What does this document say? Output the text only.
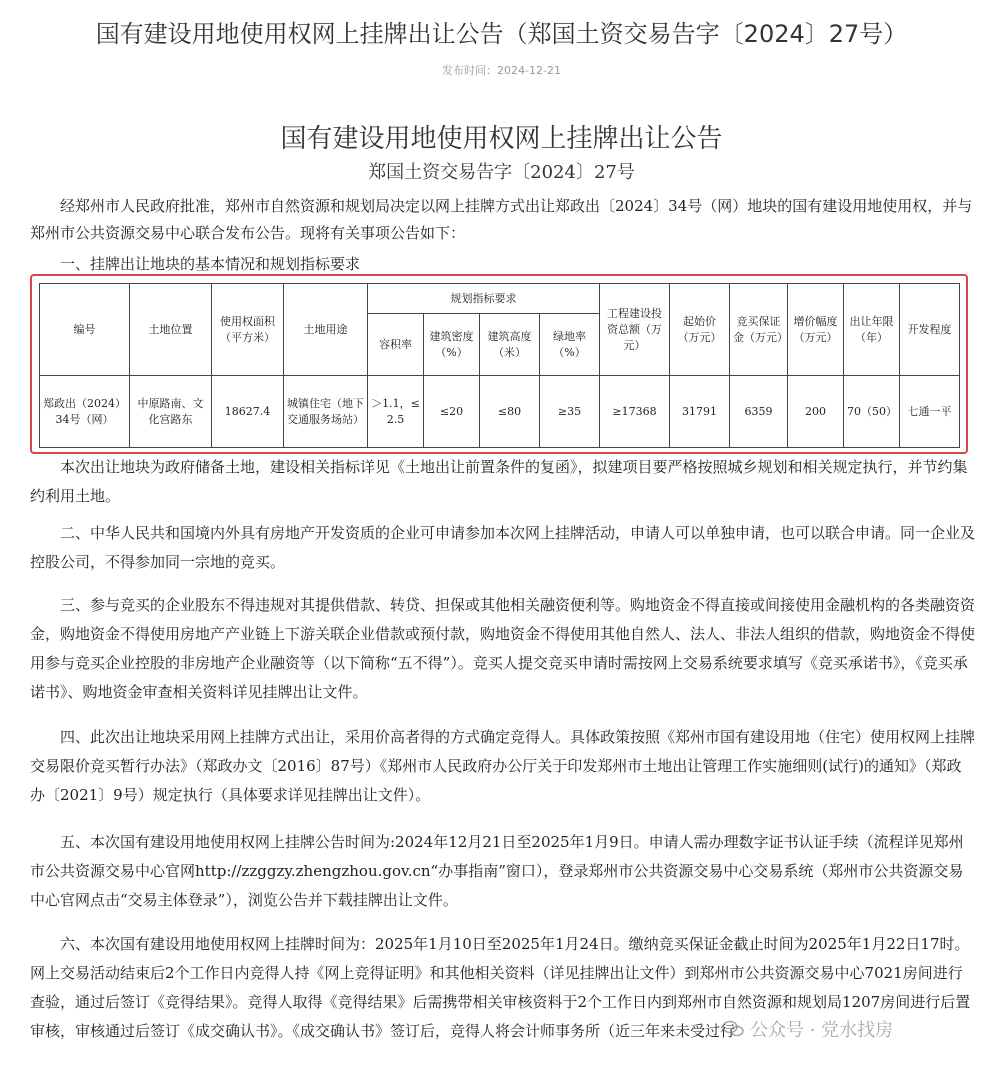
国有建设用地使用权网上挂牌出让公告（郑国土资交易告字〔2024〕27号）
发布时间：2024-12-21
国有建设用地使用权网上挂牌出让公告
郑国土资交易告字〔2024〕27号

经郑州市人民政府批准，郑州市自然资源和规划局决定以网上挂牌方式出让郑政出〔2024〕34号（网）地块的国有建设用地使用权，并与郑州市公共资源交易中心联合发布公告。现将有关事项公告如下：

一、挂牌出让地块的基本情况和规划指标要求
编号	土地位置	使用权面积（平方米）	土地用途	规划指标要求				工程建设投资总额（万元）	起始价（万元）	竞买保证金（万元）	增价幅度（万元）	出让年限（年）	开发程度
				容积率	建筑密度（%）	建筑高度（米）	绿地率（%）						
郑政出（2024）34号（网）	中原路南、文化宫路东	18627.4	城镇住宅（地下交通服务场站）	＞1.1，≤2.5	≤20	≤80	≥35	≥17368	31791	6359	200	70（50）	七通一平

本次出让地块为政府储备土地，建设相关指标详见《土地出让前置条件的复函》，拟建项目要严格按照城乡规划和相关规定执行，并节约集约利用土地。

二、中华人民共和国境内外具有房地产开发资质的企业可申请参加本次网上挂牌活动，申请人可以单独申请，也可以联合申请。同一企业及控股公司，不得参加同一宗地的竞买。

三、参与竞买的企业股东不得违规对其提供借款、转贷、担保或其他相关融资便利等。购地资金不得直接或间接使用金融机构的各类融资资金，购地资金不得使用房地产产业链上下游关联企业借款或预付款，购地资金不得使用其他自然人、法人、非法人组织的借款，购地资金不得使用参与竞买企业控股的非房地产企业融资等（以下简称“五不得”）。竞买人提交竞买申请时需按网上交易系统要求填写《竞买承诺书》，《竞买承诺书》、购地资金审查相关资料详见挂牌出让文件。

四、此次出让地块采用网上挂牌方式出让，采用价高者得的方式确定竞得人。具体政策按照《郑州市国有建设用地（住宅）使用权网上挂牌交易限价竞买暂行办法》（郑政办文〔2016〕87号）《郑州市人民政府办公厅关于印发郑州市土地出让管理工作实施细则(试行)的通知》（郑政办〔2021〕9号）规定执行（具体要求详见挂牌出让文件）。

五、本次国有建设用地使用权网上挂牌公告时间为:2024年12月21日至2025年1月9日。申请人需办理数字证书认证手续（流程详见郑州市公共资源交易中心官网http://zzggzy.zhengzhou.gov.cn“办事指南”窗口），登录郑州市公共资源交易中心交易系统（郑州市公共资源交易中心官网点击“交易主体登录”），浏览公告并下载挂牌出让文件。

六、本次国有建设用地使用权网上挂牌时间为：2025年1月10日至2025年1月24日。缴纳竞买保证金截止时间为2025年1月22日17时。网上交易活动结束后2个工作日内竞得人持《网上竞得证明》和其他相关资料（详见挂牌出让文件）到郑州市公共资源交易中心7021房间进行查验，通过后签订《竞得结果》。竞得人取得《竞得结果》后需携带相关审核资料于2个工作日内到郑州市自然资源和规划局1207房间进行后置审核，审核通过后签订《成交确认书》。《成交确认书》签订后，竞得人将会计师事务所（近三年来未受过行 公众号 · 党水找房
